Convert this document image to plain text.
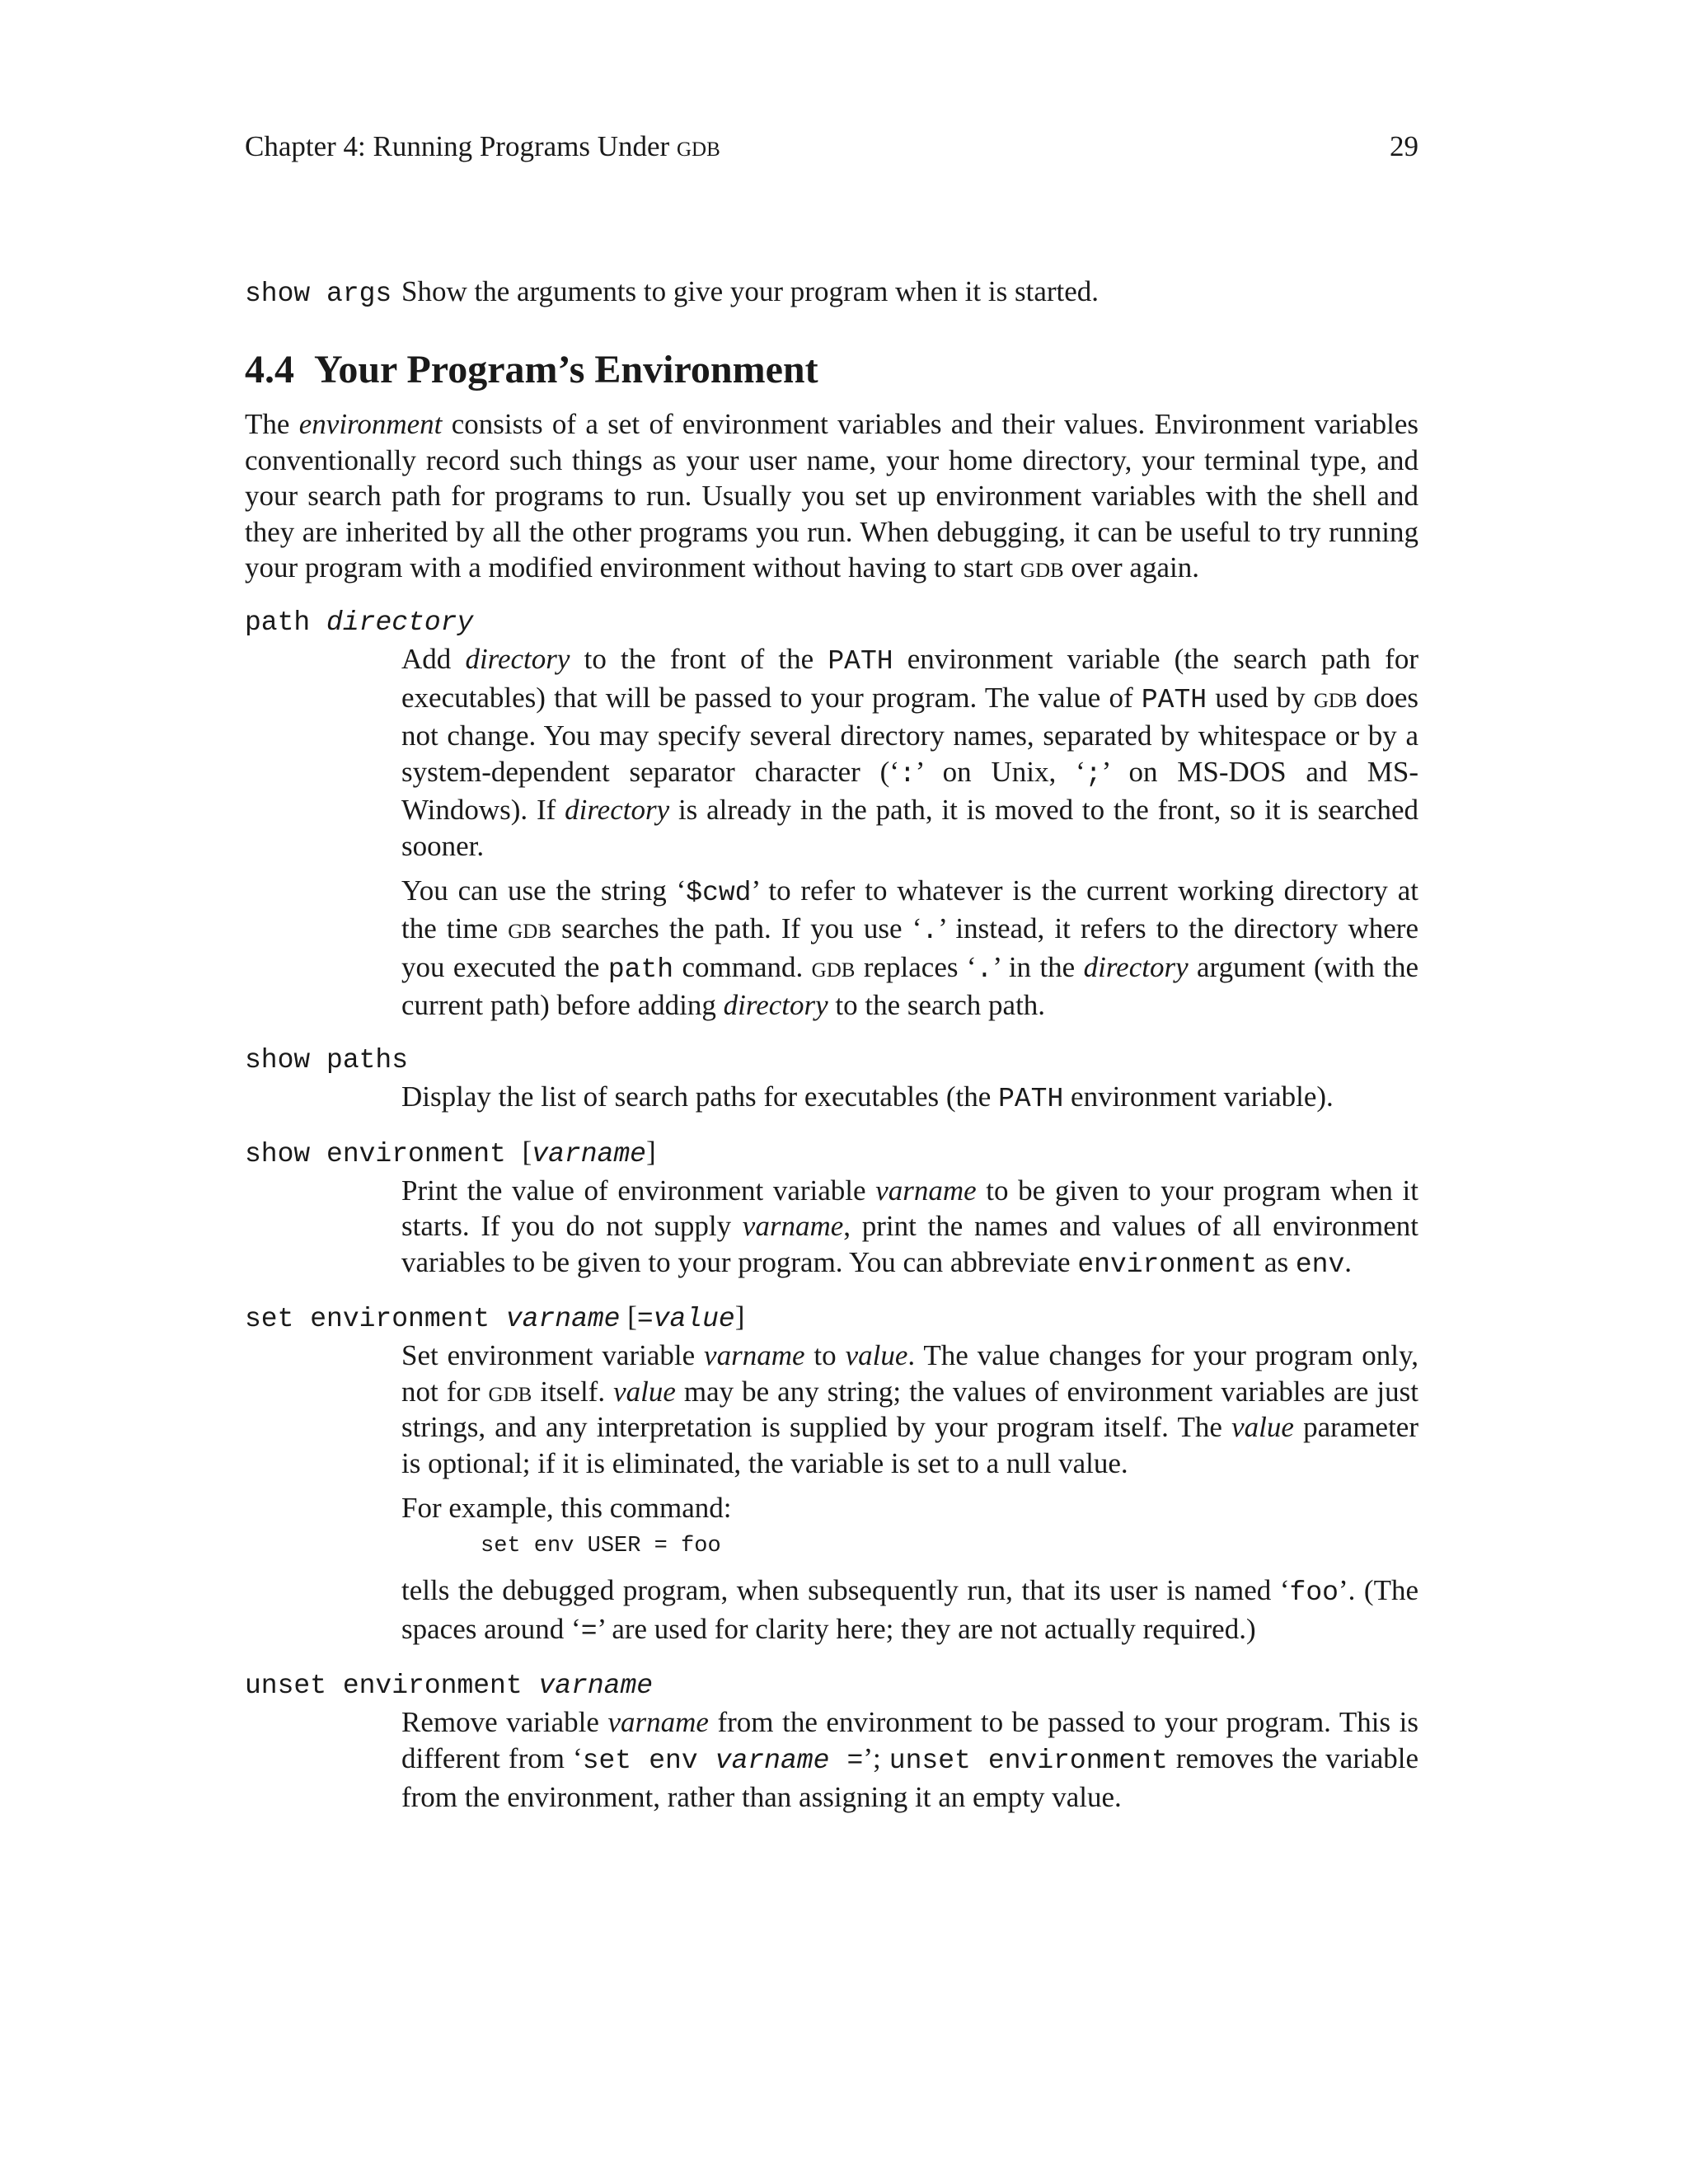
Chapter 4: Running Programs Under gdb	29
show args Show the arguments to give your program when it is started.
4.4 Your Program’s Environment

The environment consists of a set of environment variables and their values. Environment variables conventionally record such things as your user name, your home directory, your terminal type, and your search path for programs to run. Usually you set up environment variables with the shell and they are inherited by all the other programs you run. When debugging, it can be useful to try running your program with a modified environment without having to start gdb over again.

path directory

Add directory to the front of the PATH environment variable (the search path for executables) that will be passed to your program. The value of PATH used by gdb does not change. You may specify several directory names, separated by whitespace or by a system-dependent separator character (‘:’ on Unix, ‘;’ on MS-DOS and MS-Windows). If directory is already in the path, it is moved to the front, so it is searched sooner.

You can use the string ‘$cwd’ to refer to whatever is the current working directory at the time gdb searches the path. If you use ‘.’ instead, it refers to the directory where you executed the path command. gdb replaces ‘.’ in the directory argument (with the current path) before adding directory to the search path.

show paths

Display the list of search paths for executables (the PATH environment variable).

show environment [varname]

Print the value of environment variable varname to be given to your program when it starts. If you do not supply varname, print the names and values of all environment variables to be given to your program. You can abbreviate environment as env.

set environment varname [=value]

Set environment variable varname to value. The value changes for your program only, not for gdb itself. value may be any string; the values of environment variables are just strings, and any interpretation is supplied by your program itself. The value parameter is optional; if it is eliminated, the variable is set to a null value.

For example, this command:

set env USER = foo

tells the debugged program, when subsequently run, that its user is named ‘foo’. (The spaces around ‘=’ are used for clarity here; they are not actually required.)

unset environment varname

Remove variable varname from the environment to be passed to your program. This is different from ‘set env varname =’; unset environment removes the variable from the environment, rather than assigning it an empty value.
